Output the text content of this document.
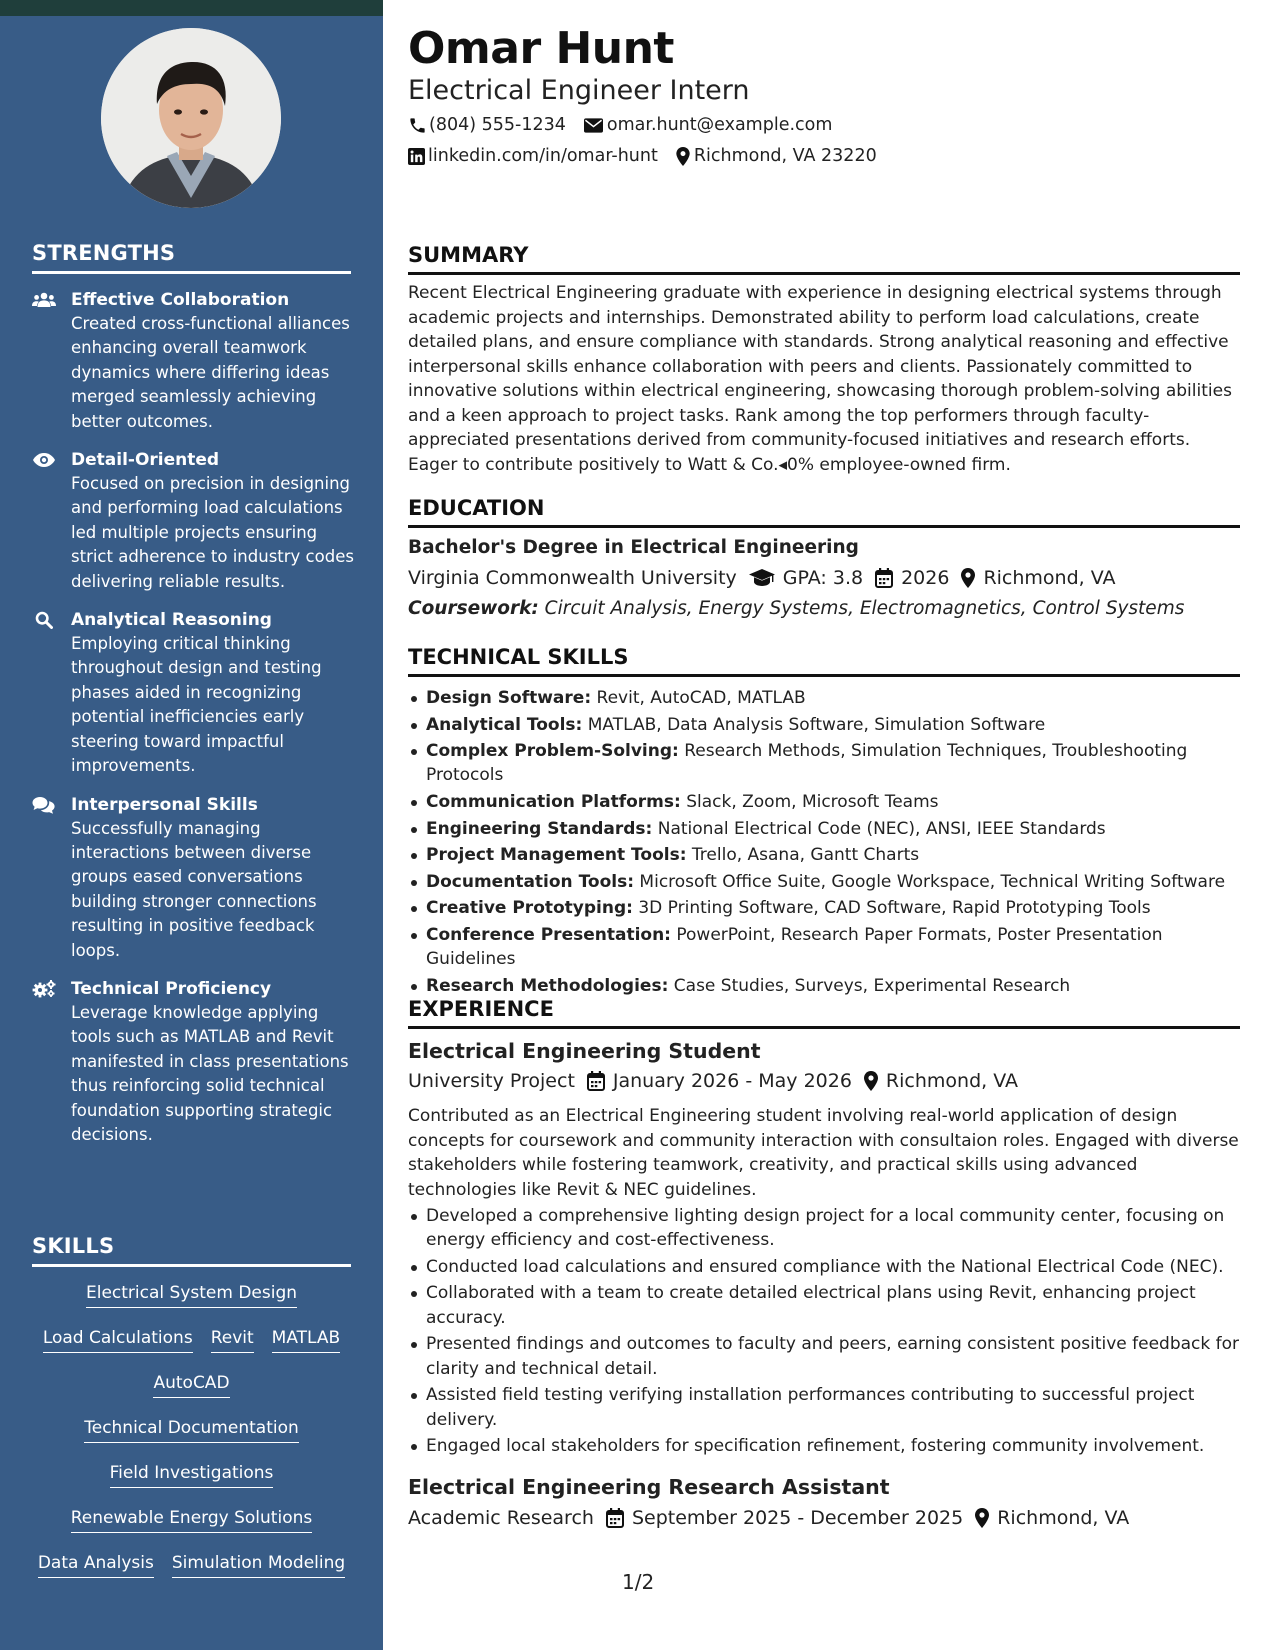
STRENGTHS
Effective Collaboration
Created cross-functional alliances enhancing overall teamwork dynamics where differing ideas merged seamlessly achieving better outcomes.
Detail-Oriented
Focused on precision in designing and performing load calculations led multiple projects ensuring strict adherence to industry codes delivering reliable results.
Analytical Reasoning
Employing critical thinking throughout design and testing phases aided in recognizing potential inefficiencies early steering toward impactful improvements.
Interpersonal Skills
Successfully managing interactions between diverse groups eased conversations building stronger connections resulting in positive feedback loops.
Technical Proficiency
Leverage knowledge applying tools such as MATLAB and Revit manifested in class presentations thus reinforcing solid technical foundation supporting strategic decisions.
SKILLS
Electrical System Design
Load Calculations Revit MATLAB
AutoCAD
Technical Documentation
Field Investigations
Renewable Energy Solutions
Data Analysis Simulation Modeling
Omar Hunt
Electrical Engineer Intern
(804) 555-1234 omar.hunt@example.com
linkedin.com/in/omar-hunt Richmond, VA 23220
SUMMARY
Recent Electrical Engineering graduate with experience in designing electrical systems through academic projects and internships. Demonstrated ability to perform load calculations, create detailed plans, and ensure compliance with standards. Strong analytical reasoning and effective interpersonal skills enhance collaboration with peers and clients. Passionately committed to innovative solutions within electrical engineering, showcasing thorough problem-solving abilities and a keen approach to project tasks. Rank among the top performers through faculty-appreciated presentations derived from community-focused initiatives and research efforts. Eager to contribute positively to Watt & Co.◂0% employee-owned firm.
EDUCATION
Bachelor's Degree in Electrical Engineering
Virginia Commonwealth University GPA: 3.8 2026 Richmond, VA
Coursework: Circuit Analysis, Energy Systems, Electromagnetics, Control Systems
TECHNICAL SKILLS
Design Software: Revit, AutoCAD, MATLAB
Analytical Tools: MATLAB, Data Analysis Software, Simulation Software
Complex Problem-Solving: Research Methods, Simulation Techniques, Troubleshooting Protocols
Communication Platforms: Slack, Zoom, Microsoft Teams
Engineering Standards: National Electrical Code (NEC), ANSI, IEEE Standards
Project Management Tools: Trello, Asana, Gantt Charts
Documentation Tools: Microsoft Office Suite, Google Workspace, Technical Writing Software
Creative Prototyping: 3D Printing Software, CAD Software, Rapid Prototyping Tools
Conference Presentation: PowerPoint, Research Paper Formats, Poster Presentation Guidelines
Research Methodologies: Case Studies, Surveys, Experimental Research
EXPERIENCE
Electrical Engineering Student
University Project January 2026 - May 2026 Richmond, VA
Contributed as an Electrical Engineering student involving real-world application of design concepts for coursework and community interaction with consultaion roles. Engaged with diverse stakeholders while fostering teamwork, creativity, and practical skills using advanced technologies like Revit & NEC guidelines.
Developed a comprehensive lighting design project for a local community center, focusing on energy efficiency and cost-effectiveness.
Conducted load calculations and ensured compliance with the National Electrical Code (NEC).
Collaborated with a team to create detailed electrical plans using Revit, enhancing project accuracy.
Presented findings and outcomes to faculty and peers, earning consistent positive feedback for clarity and technical detail.
Assisted field testing verifying installation performances contributing to successful project delivery.
Engaged local stakeholders for specification refinement, fostering community involvement.
Electrical Engineering Research Assistant
Academic Research September 2025 - December 2025 Richmond, VA
1/2
